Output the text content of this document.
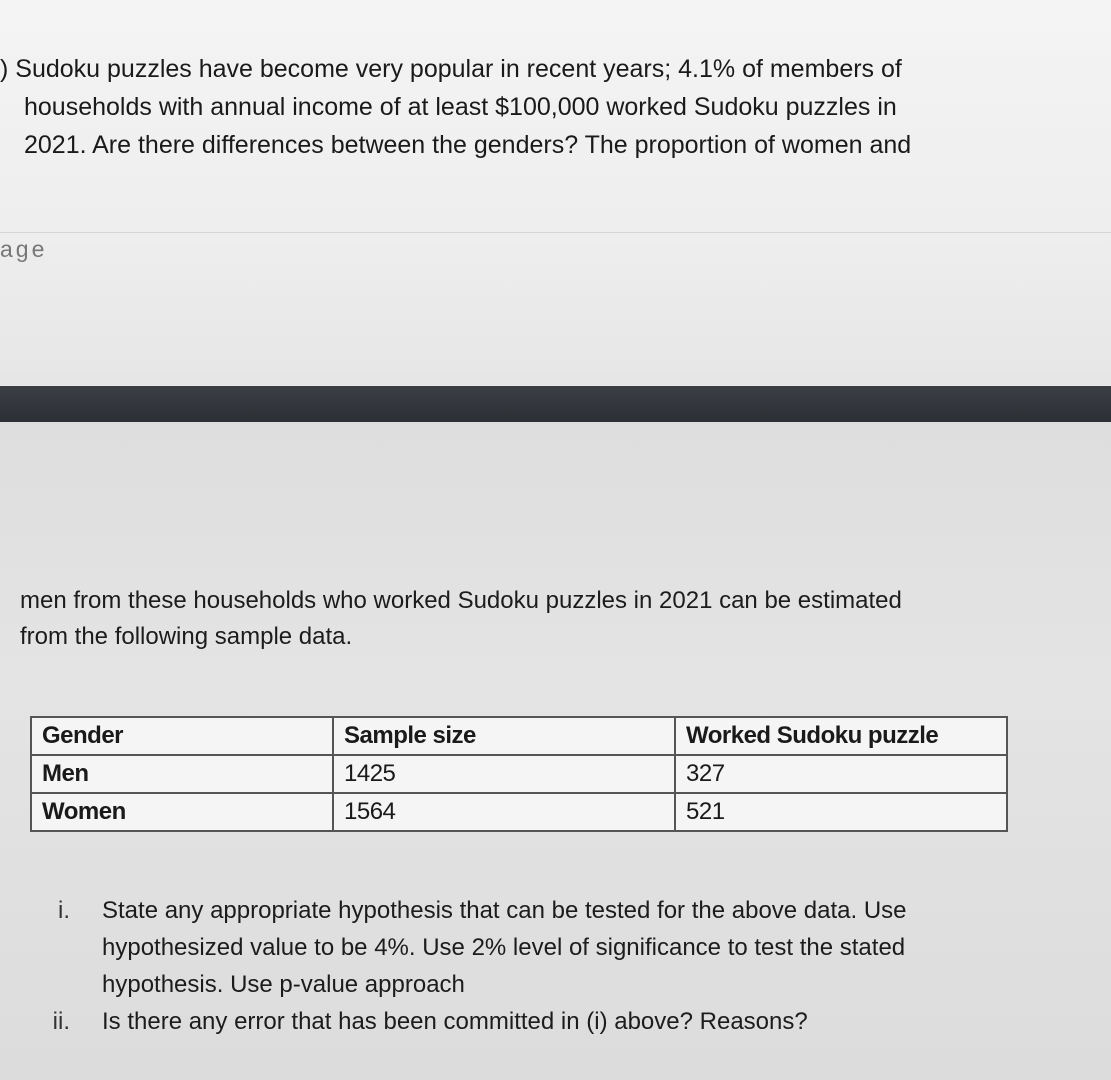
⁠) Sudoku puzzles have become very popular in recent years; 4.1% of members of
households with annual income of at least $100,000 worked Sudoku puzzles in
2021. Are there differences between the genders? The proportion of women and
age
men from these households who worked Sudoku puzzles in 2021 can be estimated
from the following sample data.
Gender	Sample size	Worked Sudoku puzzle
Men	1425	327
Women	1564	521
i. State any appropriate hypothesis that can be tested for the above data. Use
hypothesized value to be 4%. Use 2% level of significance to test the stated
hypothesis. Use p-value approach
ii. Is there any error that has been committed in (i) above? Reasons?
